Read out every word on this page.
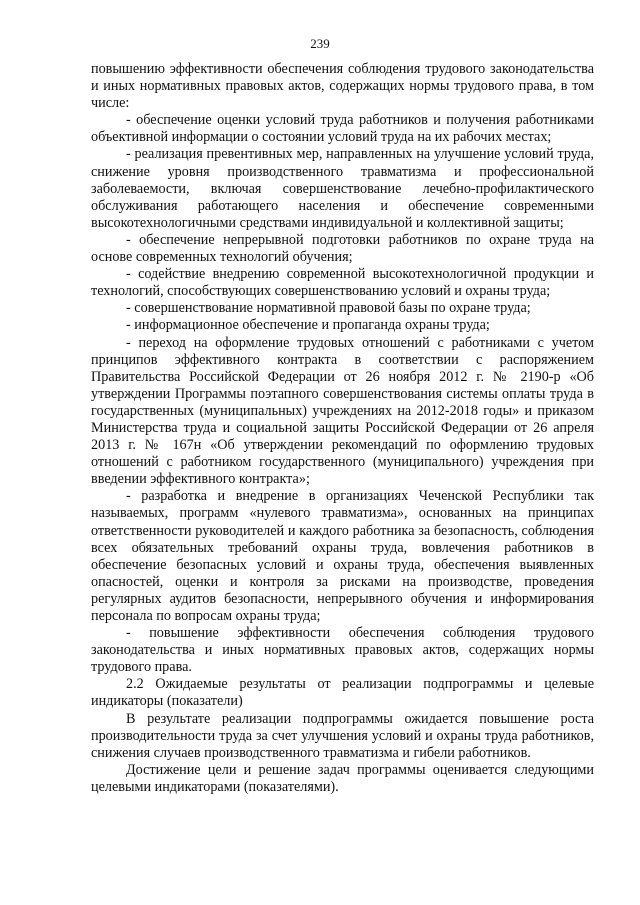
239

повышению эффективности обеспечения соблюдения трудового законодательства и иных нормативных правовых актов, содержащих нормы трудового права, в том числе:

- обеспечение оценки условий труда работников и получения работниками объективной информации о состоянии условий труда на их рабочих местах;

- реализация превентивных мер, направленных на улучшение условий труда, снижение уровня производственного травматизма и профессиональной заболеваемости, включая совершенствование лечебно-профилактического обслуживания работающего населения и обеспечение современными высокотехнологичными средствами индивидуальной и коллективной защиты;

- обеспечение непрерывной подготовки работников по охране труда на основе современных технологий обучения;

- содействие внедрению современной высокотехнологичной продукции и технологий, способствующих совершенствованию условий и охраны труда;

- совершенствование нормативной правовой базы по охране труда;

- информационное обеспечение и пропаганда охраны труда;

- переход на оформление трудовых отношений с работниками с учетом принципов эффективного контракта в соответствии с распоряжением Правительства Российской Федерации от 26 ноября 2012 г. № 2190-р «Об утверждении Программы поэтапного совершенствования системы оплаты труда в государственных (муниципальных) учреждениях на 2012-2018 годы» и приказом Министерства труда и социальной защиты Российской Федерации от 26 апреля 2013 г. № 167н «Об утверждении рекомендаций по оформлению трудовых отношений с работником государственного (муниципального) учреждения при введении эффективного контракта»;

- разработка и внедрение в организациях Чеченской Республики так называемых, программ «нулевого травматизма», основанных на принципах ответственности руководителей и каждого работника за безопасность, соблюдения всех обязательных требований охраны труда, вовлечения работников в обеспечение безопасных условий и охраны труда, обеспечения выявленных опасностей, оценки и контроля за рисками на производстве, проведения регулярных аудитов безопасности, непрерывного обучения и информирования персонала по вопросам охраны труда;

- повышение эффективности обеспечения соблюдения трудового законодательства и иных нормативных правовых актов, содержащих нормы трудового права.

2.2 Ожидаемые результаты от реализации подпрограммы и целевые индикаторы (показатели)

В результате реализации подпрограммы ожидается повышение роста производительности труда за счет улучшения условий и охраны труда работников, снижения случаев производственного травматизма и гибели работников.

Достижение цели и решение задач программы оценивается следующими целевыми индикаторами (показателями).
